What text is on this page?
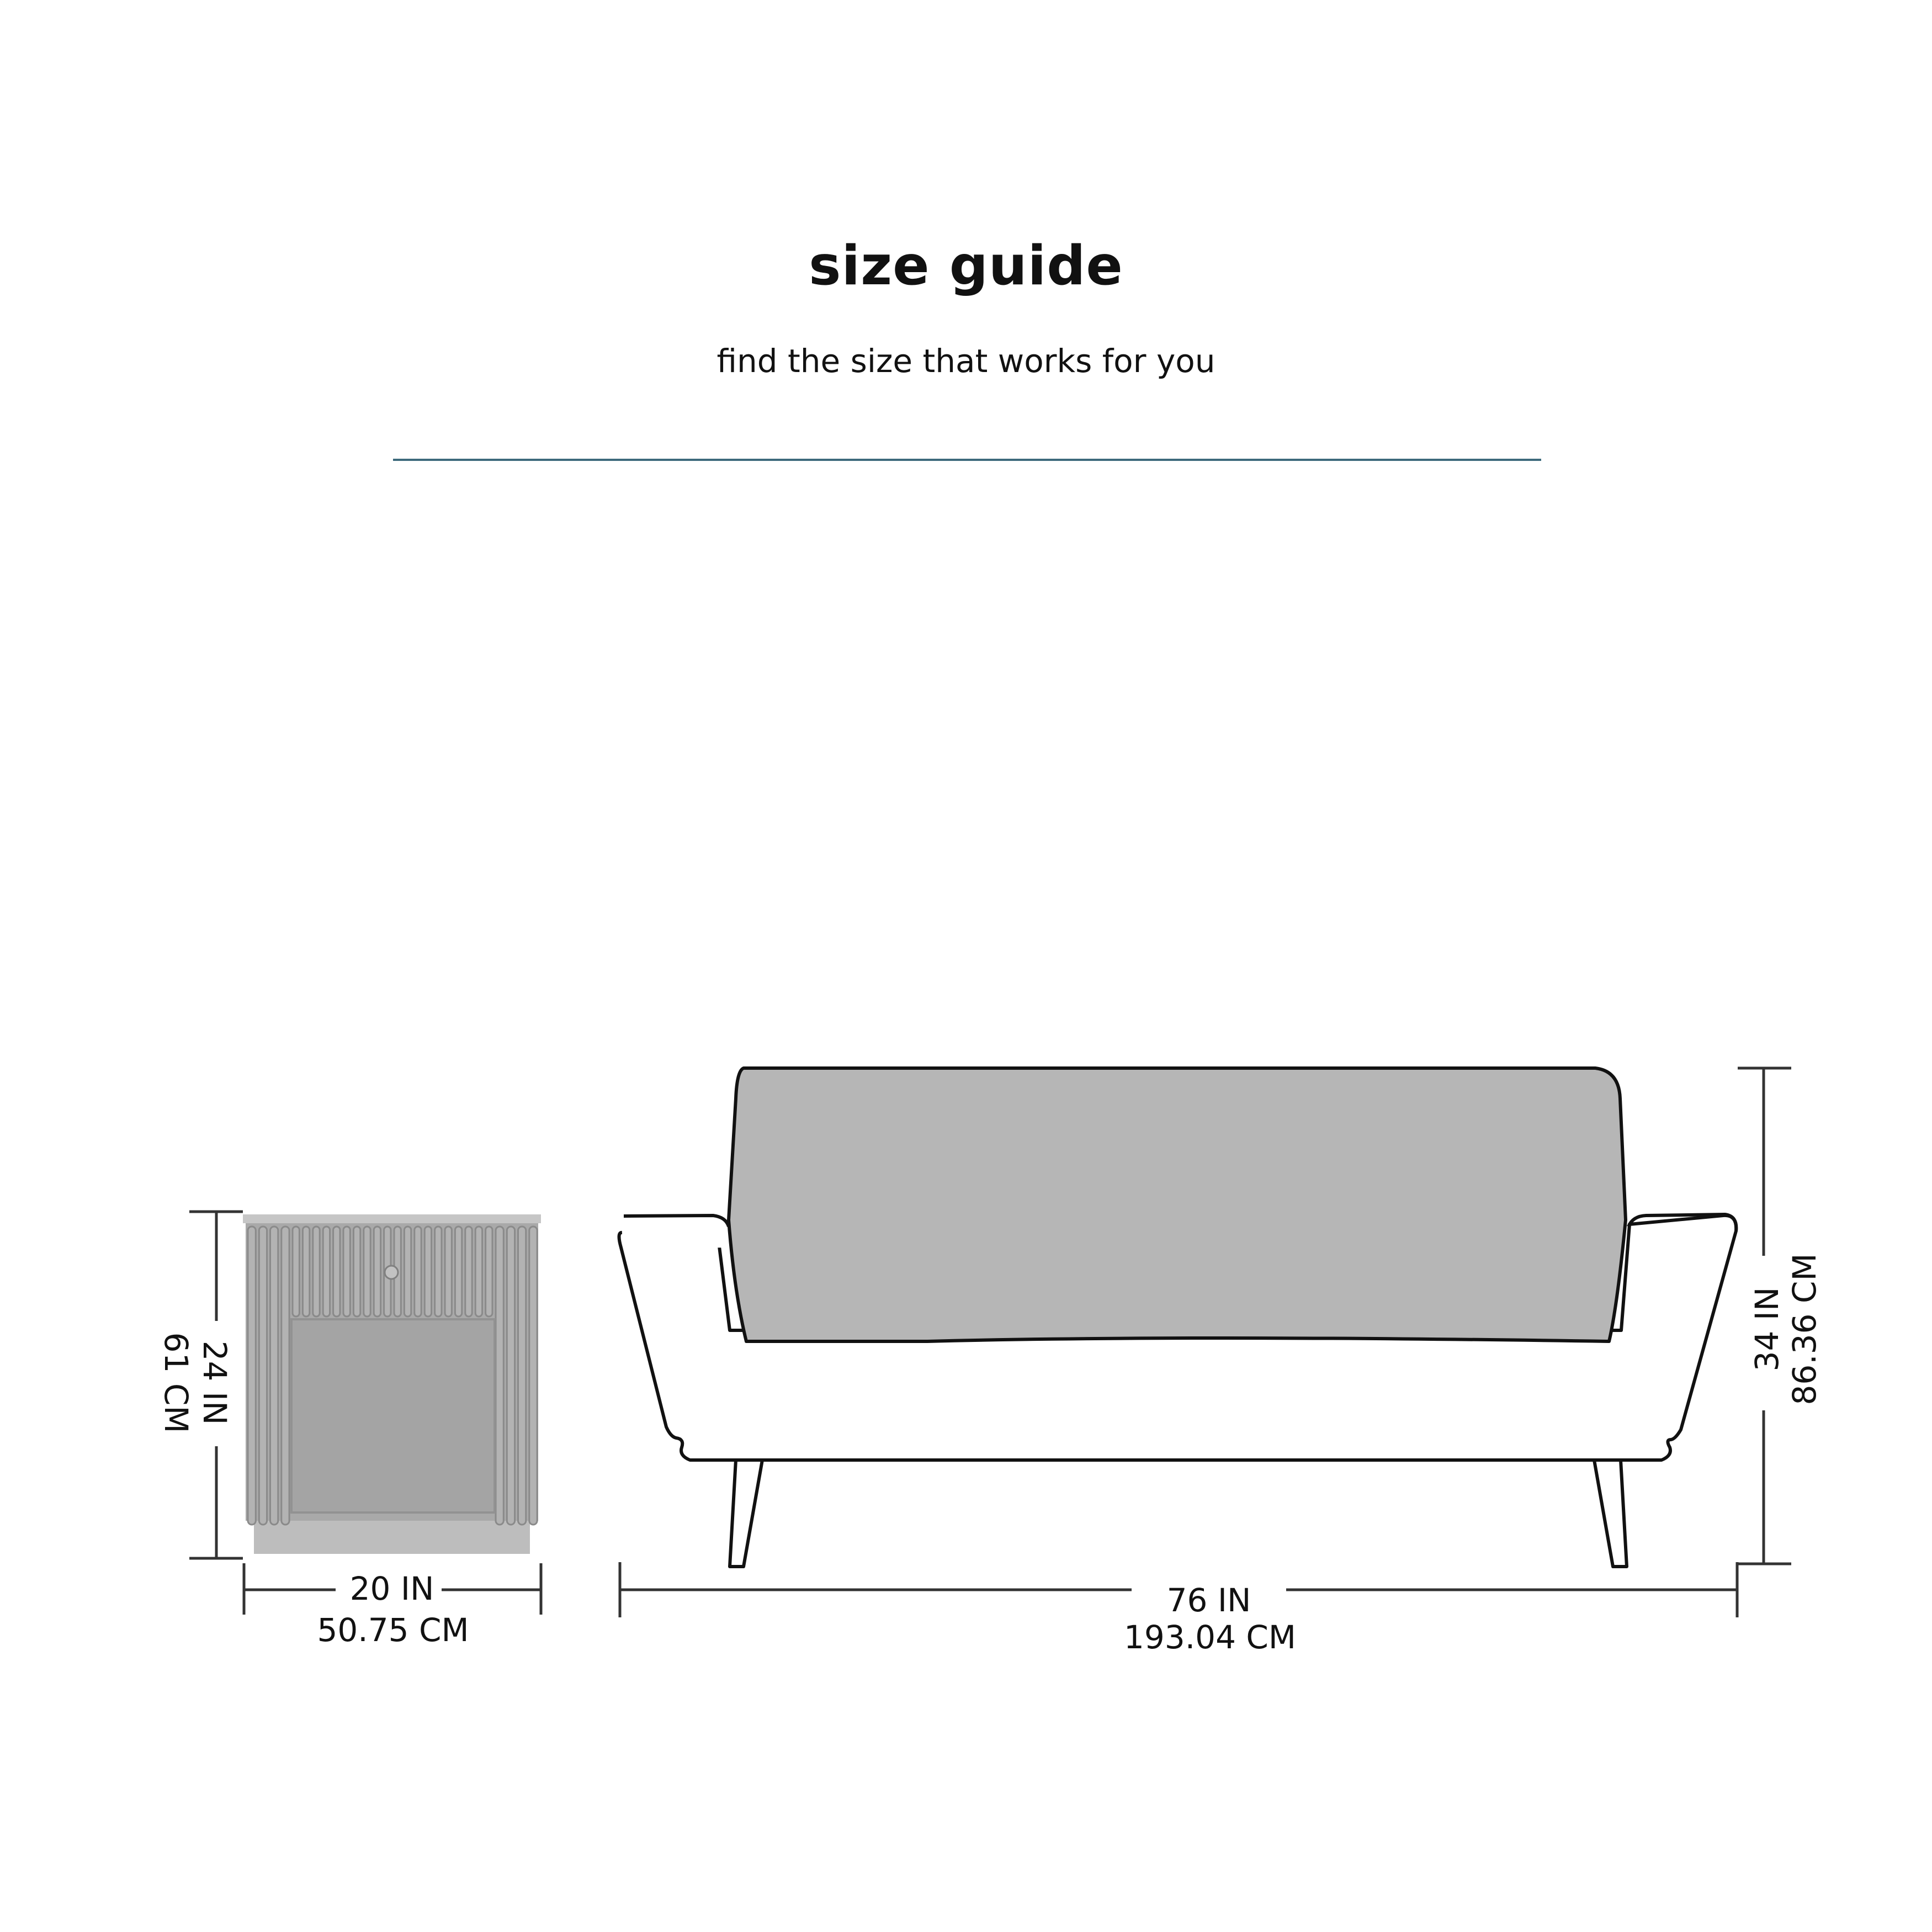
size guide
find the size that works for you
24 IN
61 CM
20 IN
50.75 CM
34 IN 86.36 CM
76 IN
193.04 CM
